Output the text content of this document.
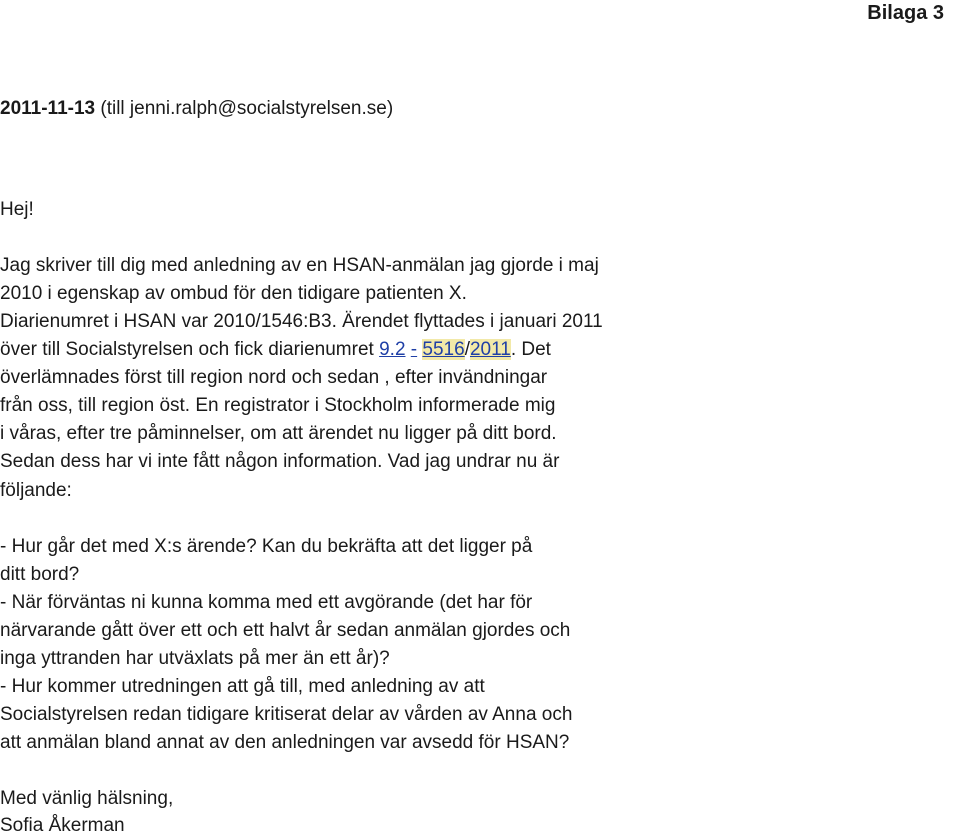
Bilaga 3
2011-11-13 (till jenni.ralph@socialstyrelsen.se)
Hej!
Jag skriver till dig med anledning av en HSAN-anmälan jag gjorde i maj
2010 i egenskap av ombud för den tidigare patienten X.
Diarienumret i HSAN var 2010/1546:B3. Ärendet flyttades i januari 2011
över till Socialstyrelsen och fick diarienumret 9.2 - 5516/2011. Det
överlämnades först till region nord och sedan , efter invändningar
från oss, till region öst. En registrator i Stockholm informerade mig
i våras, efter tre påminnelser, om att ärendet nu ligger på ditt bord.
Sedan dess har vi inte fått någon information. Vad jag undrar nu är
följande:
- Hur går det med X:s ärende? Kan du bekräfta att det ligger på
ditt bord?
- När förväntas ni kunna komma med ett avgörande (det har för
närvarande gått över ett och ett halvt år sedan anmälan gjordes och
inga yttranden har utväxlats på mer än ett år)?
- Hur kommer utredningen att gå till, med anledning av att
Socialstyrelsen redan tidigare kritiserat delar av vården av Anna och
att anmälan bland annat av den anledningen var avsedd för HSAN?
Med vänlig hälsning,
Sofia Åkerman
